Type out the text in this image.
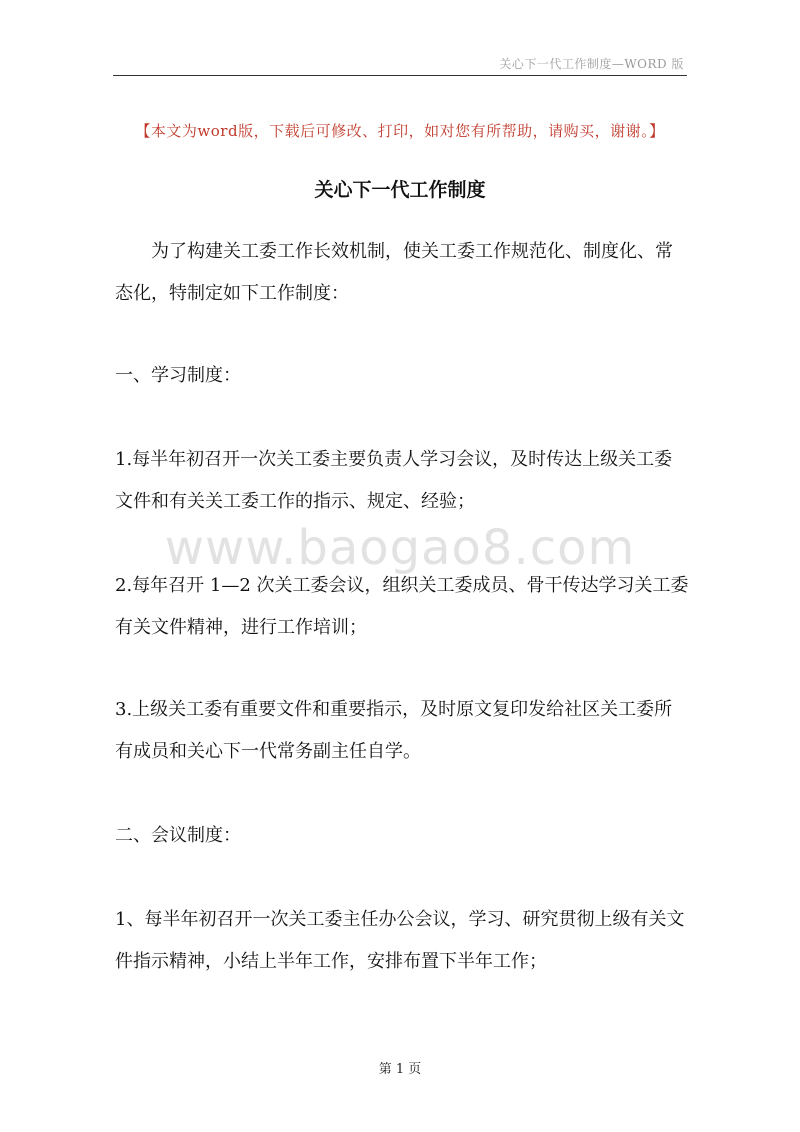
关心下一代工作制度—WORD 版
【本文为word版，下载后可修改、打印，如对您有所帮助，请购买，谢谢。】
关心下一代工作制度

为了构建关工委工作长效机制，使关工委工作规范化、制度化、常态化，特制定如下工作制度：

一、学习制度：

1.每半年初召开一次关工委主要负责人学习会议，及时传达上级关工委文件和有关关工委工作的指示、规定、经验；

2.每年召开 1—2 次关工委会议，组织关工委成员、骨干传达学习关工委有关文件精神，进行工作培训；

3.上级关工委有重要文件和重要指示，及时原文复印发给社区关工委所有成员和关心下一代常务副主任自学。

二、会议制度：

1、每半年初召开一次关工委主任办公会议，学习、研究贯彻上级有关文件指示精神，小结上半年工作，安排布置下半年工作；

www.baogao8.com
第 1 页
